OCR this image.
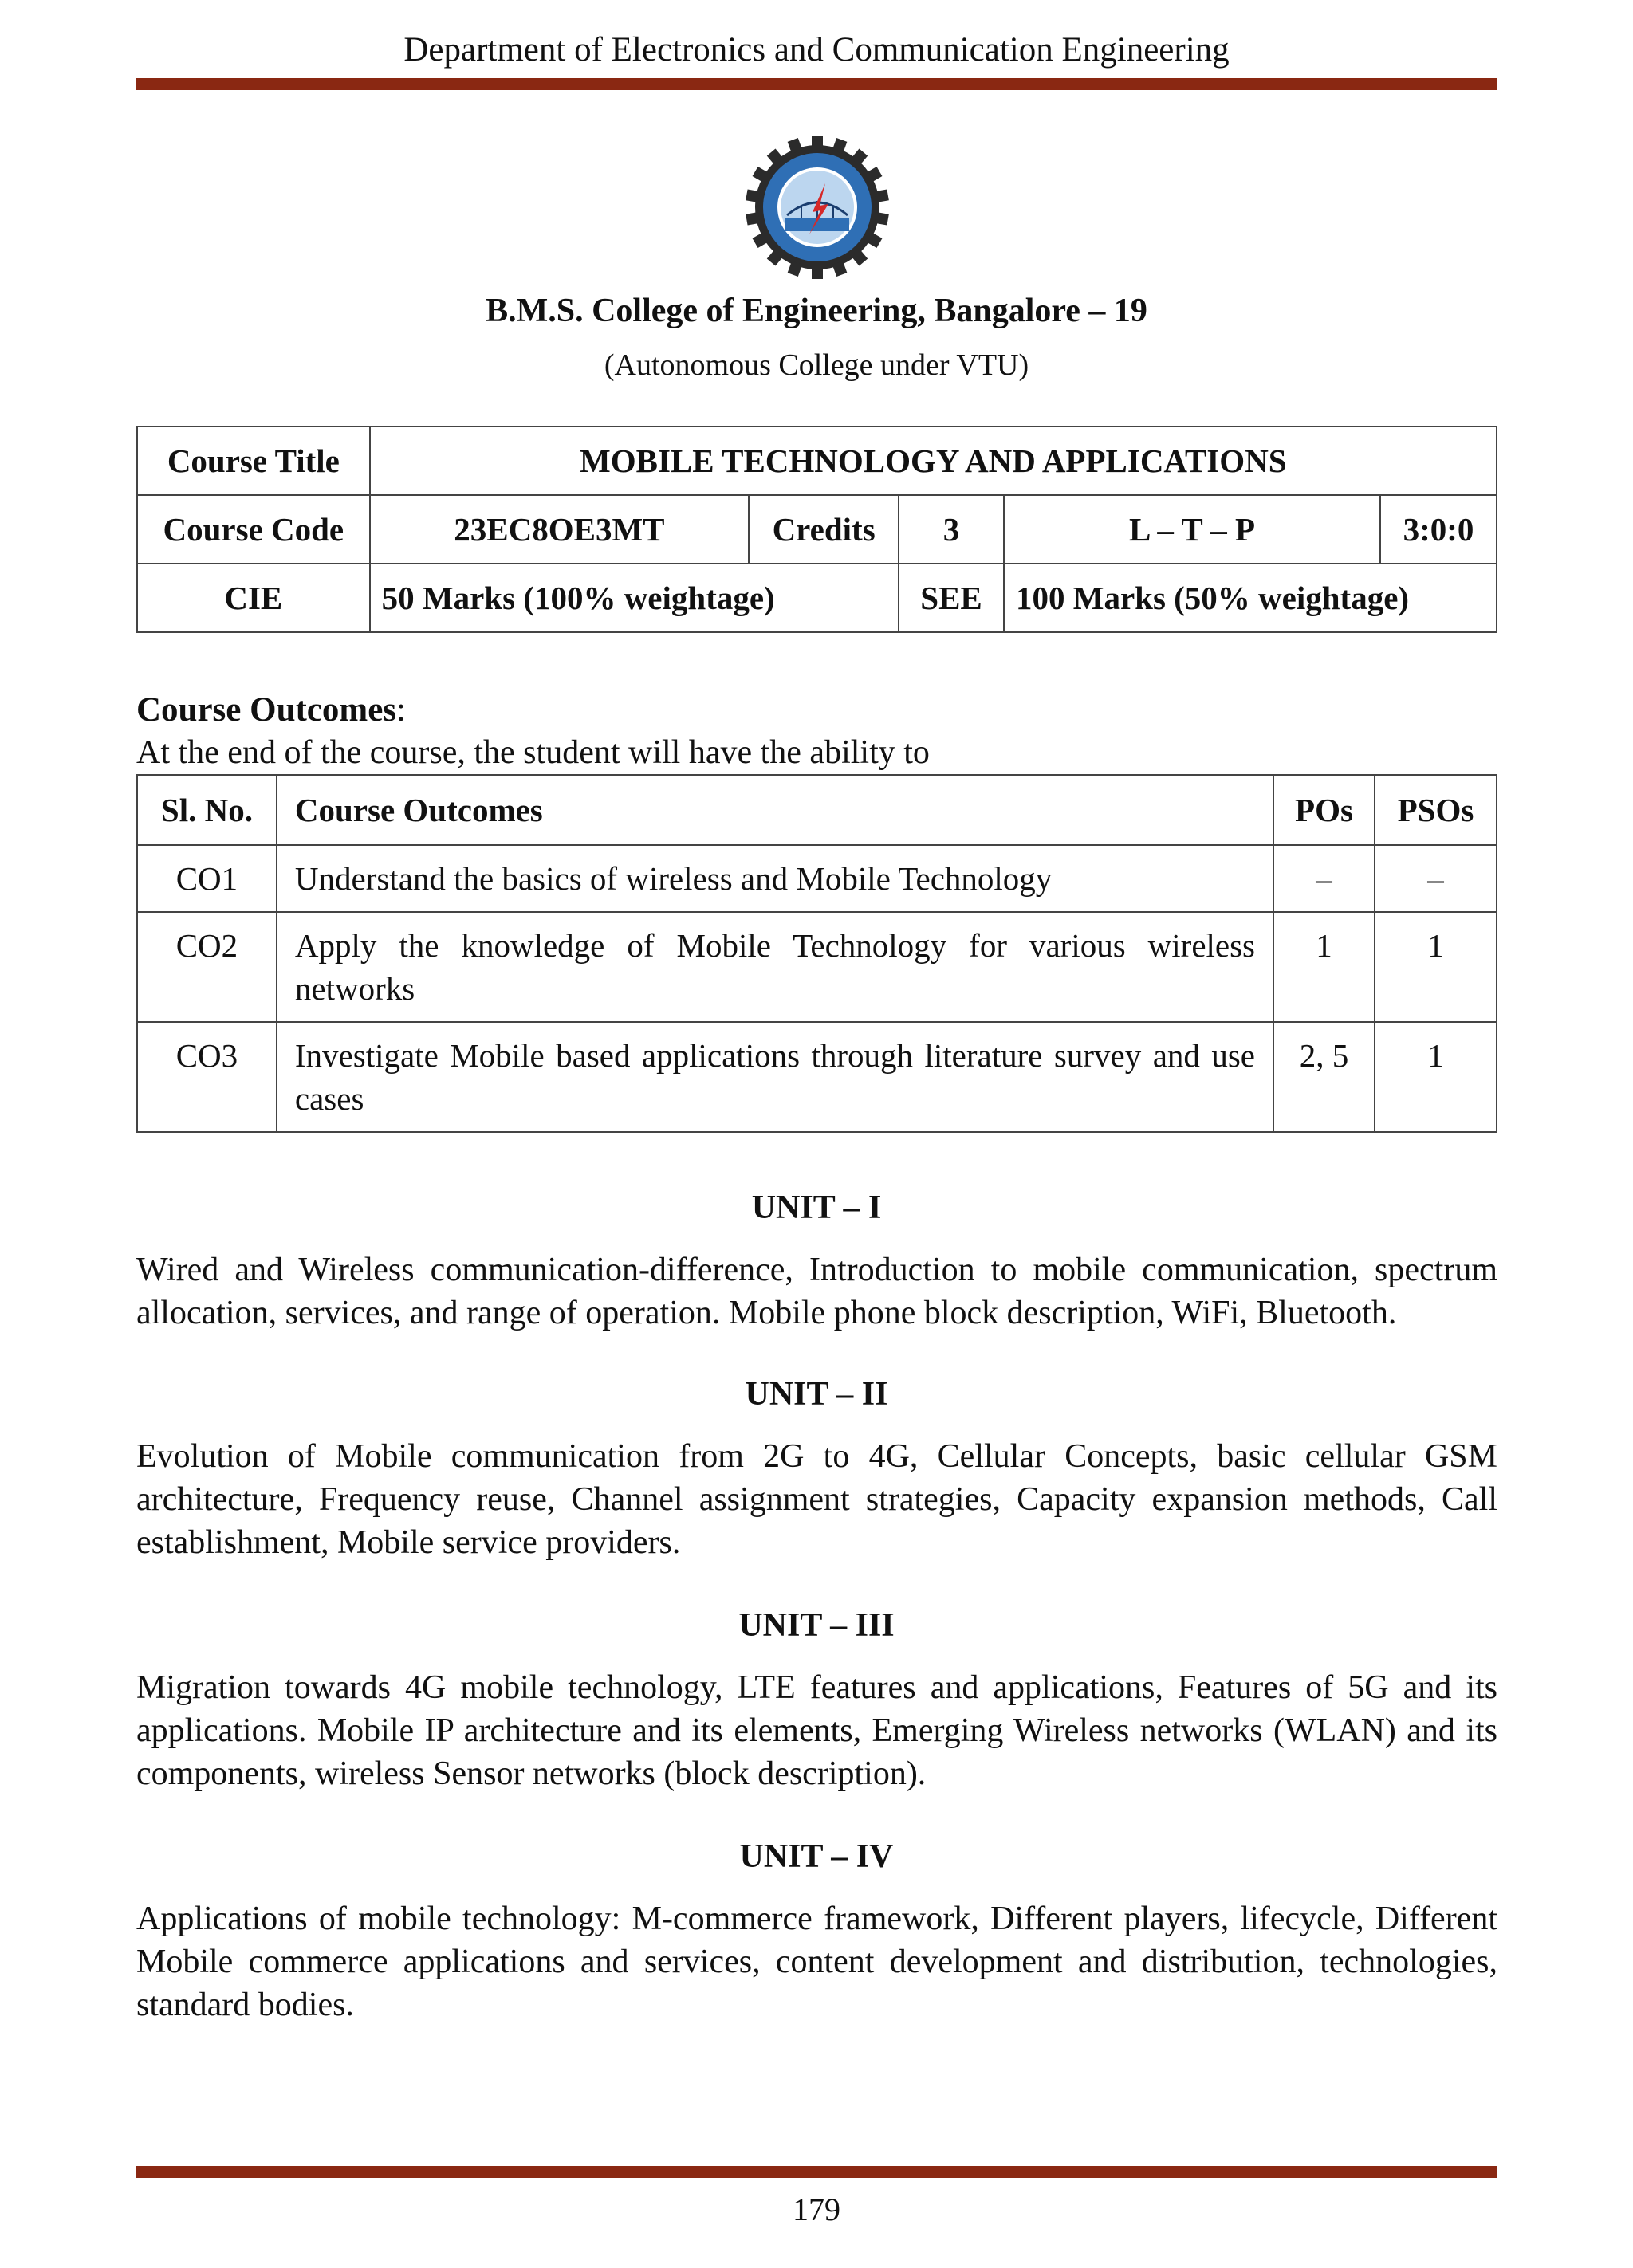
Department of Electronics and Communication Engineering
B.M.S. College of Engineering, Bangalore – 19
(Autonomous College under VTU)
Course Title	MOBILE TECHNOLOGY AND APPLICATIONS				
Course Code	23EC8OE3MT	Credits	3	L – T – P	3:0:0
CIE	50 Marks (100% weightage)		SEE	100 Marks (50% weightage)	
Course Outcomes:
At the end of the course, the student will have the ability to
Sl. No.	Course Outcomes	POs	PSOs
CO1	Understand the basics of wireless and Mobile Technology	–	–
CO2	Apply the knowledge of Mobile Technology for various wireless networks	1	1
CO3	Investigate Mobile based applications through literature survey and use cases	2, 5	1
UNIT – I
Wired and Wireless communication-difference, Introduction to mobile communication, spectrum allocation, services, and range of operation. Mobile phone block description, WiFi, Bluetooth.
UNIT – II
Evolution of Mobile communication from 2G to 4G, Cellular Concepts, basic cellular GSM architecture, Frequency reuse, Channel assignment strategies, Capacity expansion methods, Call establishment, Mobile service providers.
UNIT – III
Migration towards 4G mobile technology, LTE features and applications, Features of 5G and its applications. Mobile IP architecture and its elements, Emerging Wireless networks (WLAN) and its components, wireless Sensor networks (block description).
UNIT – IV
Applications of mobile technology: M-commerce framework, Different players, lifecycle, Different Mobile commerce applications and services, content development and distribution, technologies, standard bodies.
179
